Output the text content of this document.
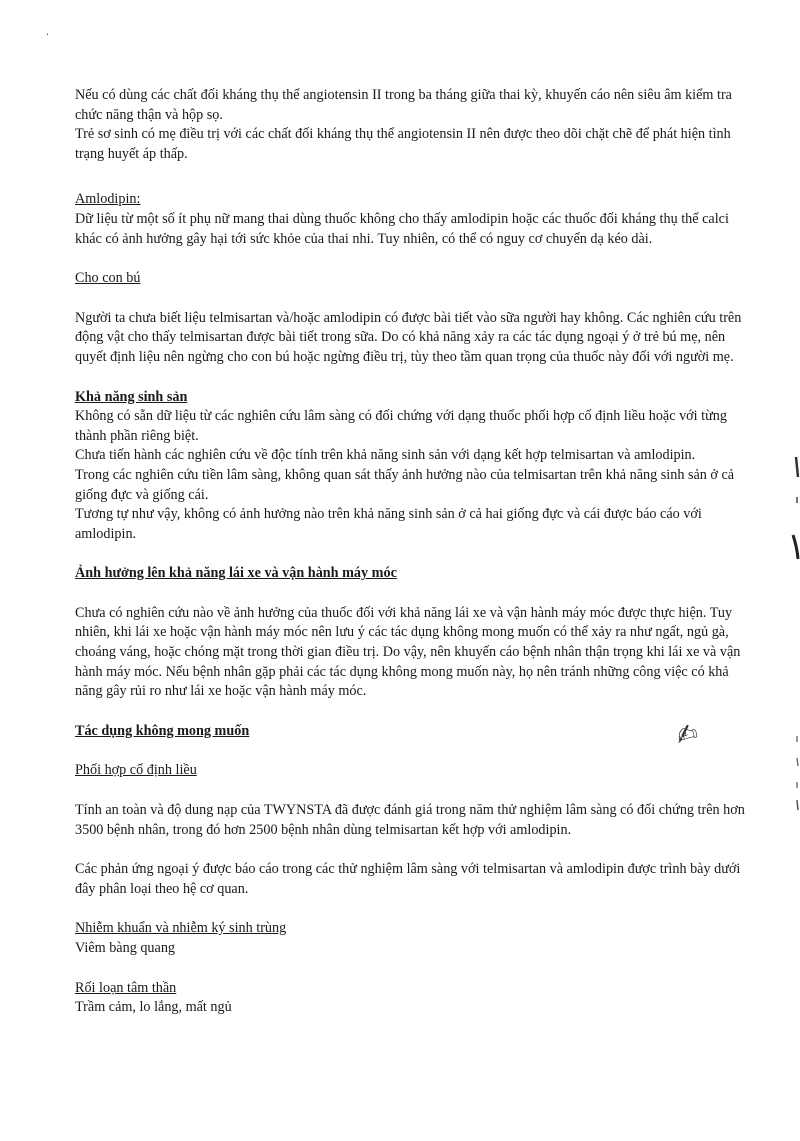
·

Nếu có dùng các chất đối kháng thụ thể angiotensin II trong ba tháng giữa thai kỳ, khuyến cáo nên siêu âm kiểm tra chức năng thận và hộp sọ.

Trẻ sơ sinh có mẹ điều trị với các chất đối kháng thụ thể angiotensin II nên được theo dõi chặt chẽ để phát hiện tình trạng huyết áp thấp.

Amlodipin:

Dữ liệu từ một số ít phụ nữ mang thai dùng thuốc không cho thấy amlodipin hoặc các thuốc đối kháng thụ thể calci khác có ảnh hưởng gây hại tới sức khỏe của thai nhi. Tuy nhiên, có thể có nguy cơ chuyển dạ kéo dài.

Cho con bú

Người ta chưa biết liệu telmisartan và/hoặc amlodipin có được bài tiết vào sữa người hay không. Các nghiên cứu trên động vật cho thấy telmisartan được bài tiết trong sữa. Do có khả năng xảy ra các tác dụng ngoại ý ở trẻ bú mẹ, nên quyết định liệu nên ngừng cho con bú hoặc ngừng điều trị, tùy theo tầm quan trọng của thuốc này đối với người mẹ.

Khả năng sinh sản

Không có sẵn dữ liệu từ các nghiên cứu lâm sàng có đối chứng với dạng thuốc phối hợp cố định liều hoặc với từng thành phần riêng biệt.

Chưa tiến hành các nghiên cứu về độc tính trên khả năng sinh sản với dạng kết hợp telmisartan và amlodipin.

Trong các nghiên cứu tiền lâm sàng, không quan sát thấy ảnh hưởng nào của telmisartan trên khả năng sinh sản ở cả giống đực và giống cái.

Tương tự như vậy, không có ảnh hưởng nào trên khả năng sinh sản ở cả hai giống đực và cái được báo cáo với amlodipin.

Ảnh hưởng lên khả năng lái xe và vận hành máy móc

Chưa có nghiên cứu nào về ảnh hưởng của thuốc đối với khả năng lái xe và vận hành máy móc được thực hiện. Tuy nhiên, khi lái xe hoặc vận hành máy móc nên lưu ý các tác dụng không mong muốn có thể xảy ra như ngất, ngủ gà, choáng váng, hoặc chóng mặt trong thời gian điều trị. Do vậy, nên khuyến cáo bệnh nhân thận trọng khi lái xe và vận hành máy móc. Nếu bệnh nhân gặp phải các tác dụng không mong muốn này, họ nên tránh những công việc có khả năng gây rủi ro như lái xe hoặc vận hành máy móc.

Tác dụng không mong muốn

Phối hợp cố định liều

Tính an toàn và độ dung nạp của TWYNSTA đã được đánh giá trong năm thử nghiệm lâm sàng có đối chứng trên hơn 3500 bệnh nhân, trong đó hơn 2500 bệnh nhân dùng telmisartan kết hợp với amlodipin.

Các phản ứng ngoại ý được báo cáo trong các thử nghiệm lâm sàng với telmisartan và amlodipin được trình bày dưới đây phân loại theo hệ cơ quan.

Nhiễm khuẩn và nhiễm ký sinh trùng

Viêm bàng quang

Rối loạn tâm thần

Trầm cảm, lo lắng, mất ngủ

✍
